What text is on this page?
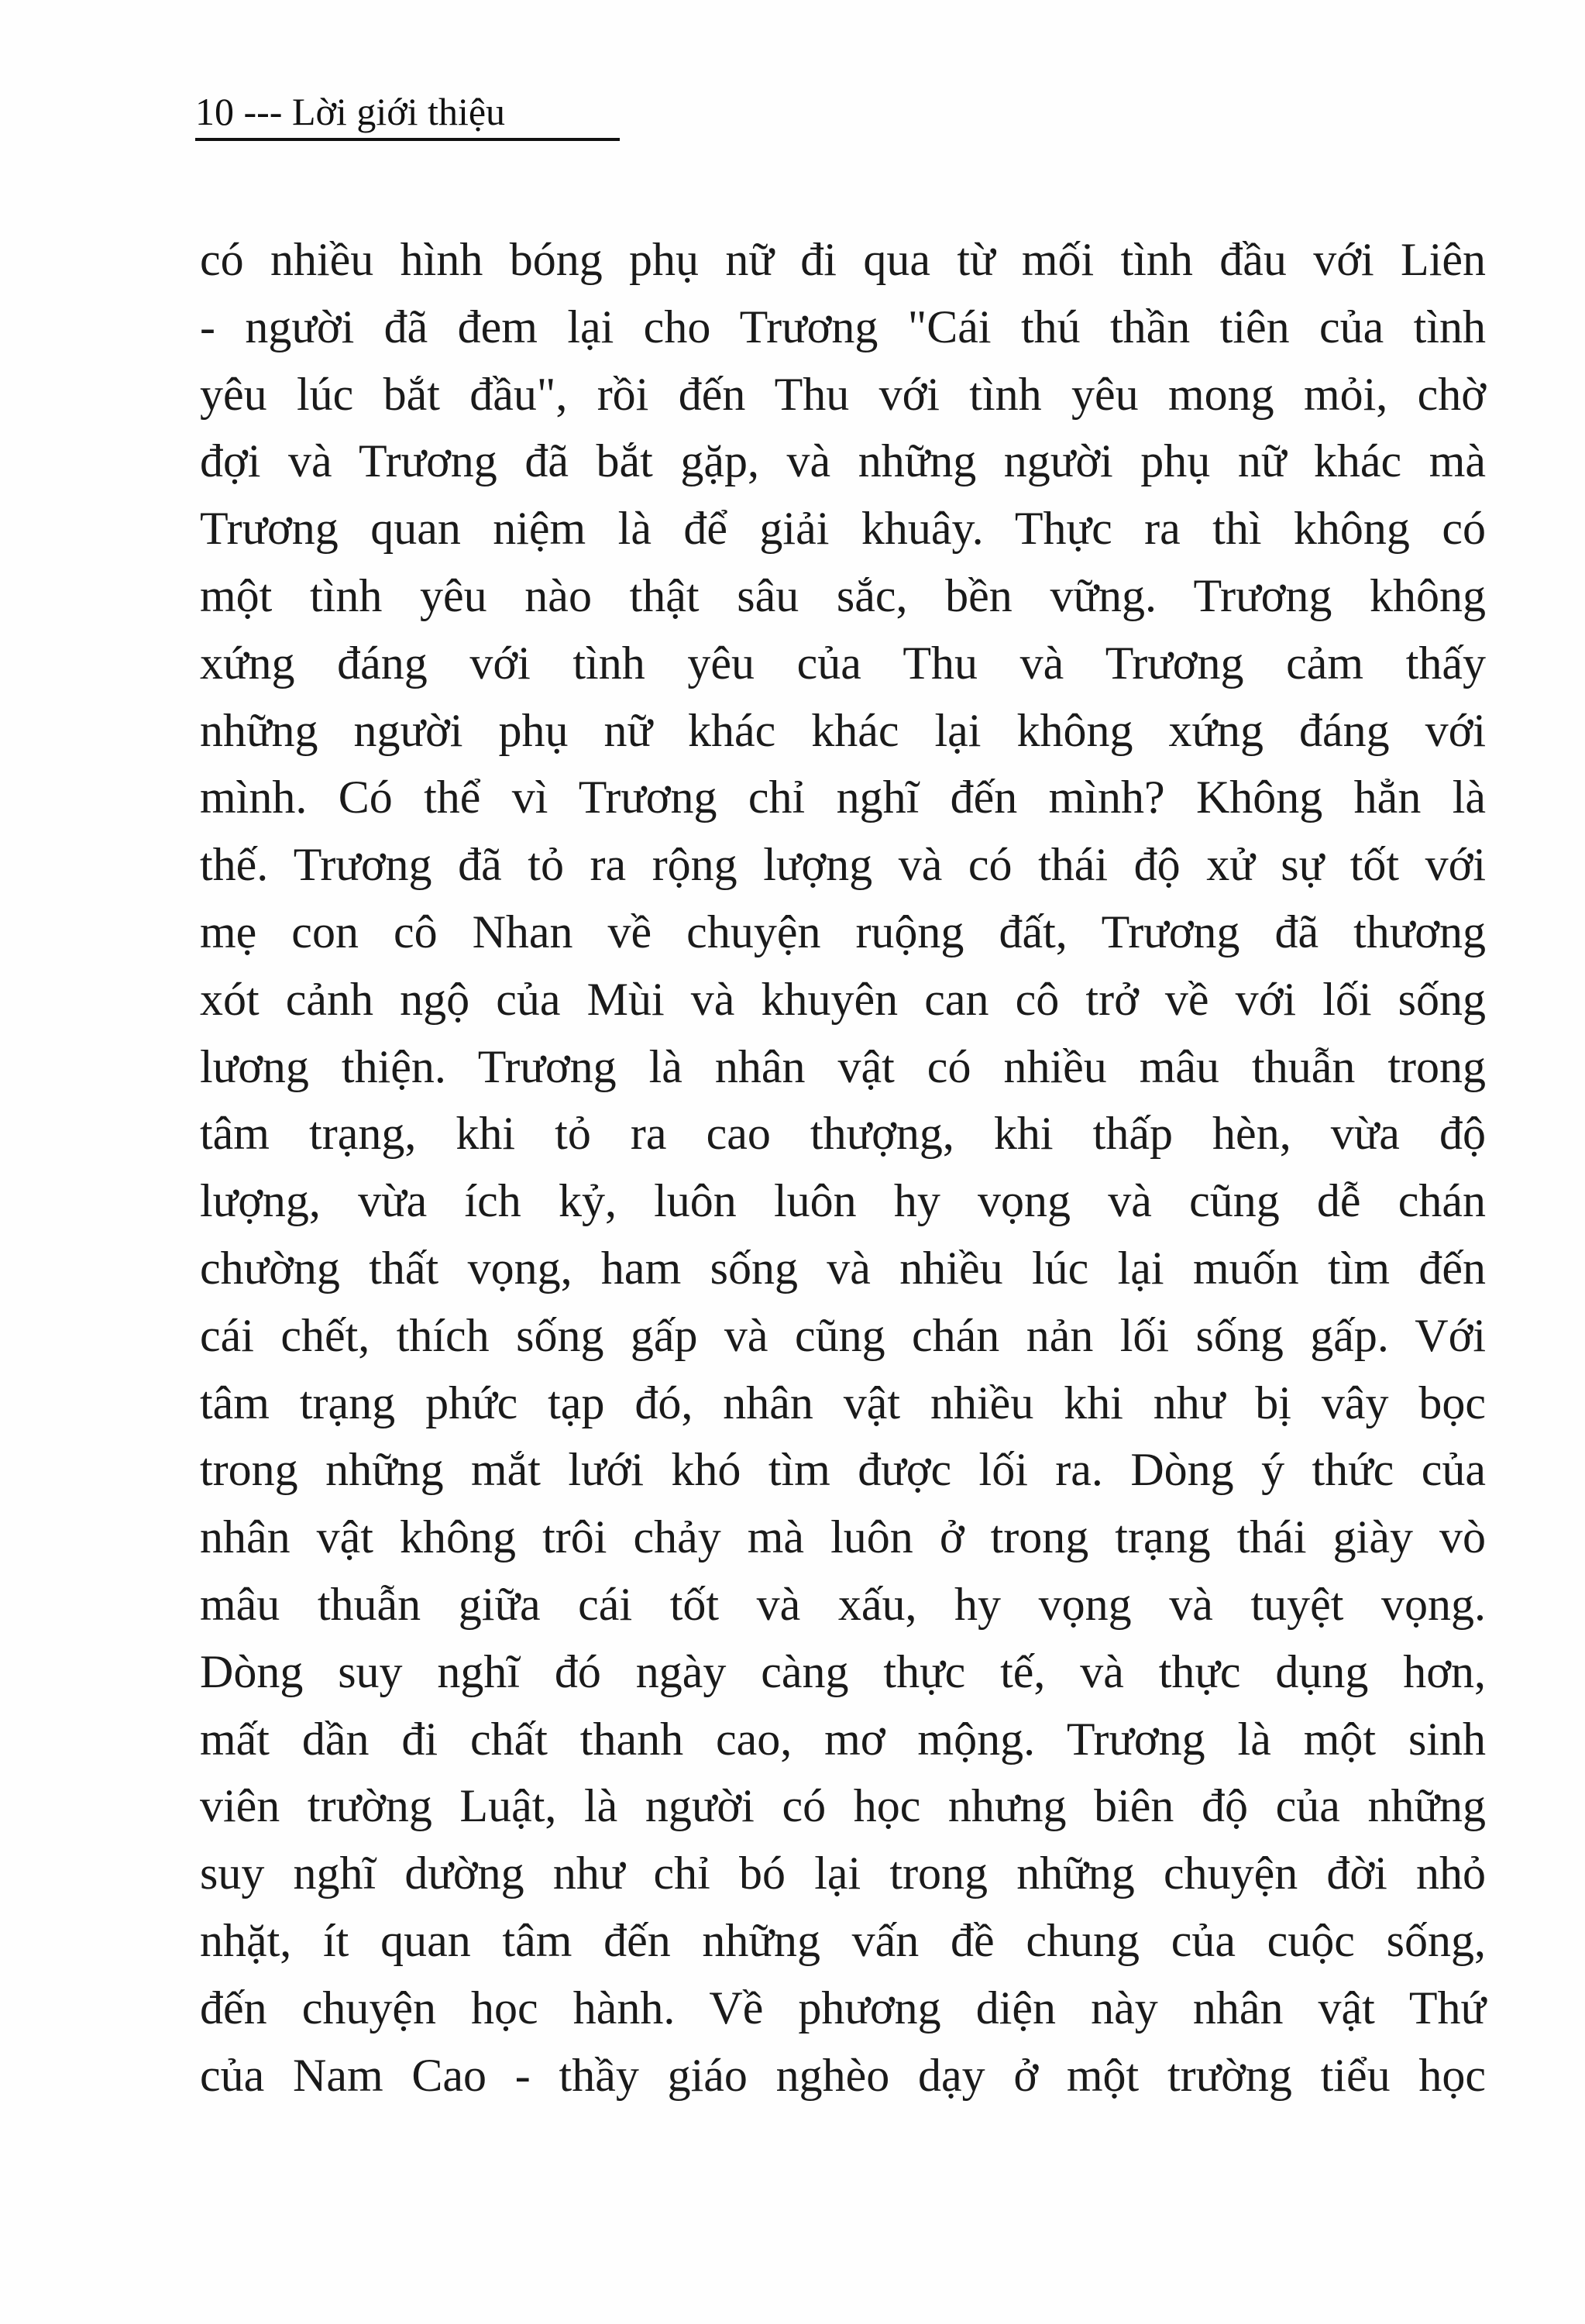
10 --- Lời giới thiệu
có nhiều hình bóng phụ nữ đi qua từ mối tình đầu với Liên
- người đã đem lại cho Trương "Cái thú thần tiên của tình
yêu lúc bắt đầu", rồi đến Thu với tình yêu mong mỏi, chờ
đợi và Trương đã bắt gặp, và những người phụ nữ khác mà
Trương quan niệm là để giải khuây. Thực ra thì không có
một tình yêu nào thật sâu sắc, bền vững. Trương không
xứng đáng với tình yêu của Thu và Trương cảm thấy
những người phụ nữ khác khác lại không xứng đáng với
mình. Có thể vì Trương chỉ nghĩ đến mình? Không hẳn là
thế. Trương đã tỏ ra rộng lượng và có thái độ xử sự tốt với
mẹ con cô Nhan về chuyện ruộng đất, Trương đã thương
xót cảnh ngộ của Mùi và khuyên can cô trở về với lối sống
lương thiện. Trương là nhân vật có nhiều mâu thuẫn trong
tâm trạng, khi tỏ ra cao thượng, khi thấp hèn, vừa độ
lượng, vừa ích kỷ, luôn luôn hy vọng và cũng dễ chán
chường thất vọng, ham sống và nhiều lúc lại muốn tìm đến
cái chết, thích sống gấp và cũng chán nản lối sống gấp. Với
tâm trạng phức tạp đó, nhân vật nhiều khi như bị vây bọc
trong những mắt lưới khó tìm được lối ra. Dòng ý thức của
nhân vật không trôi chảy mà luôn ở trong trạng thái giày vò
mâu thuẫn giữa cái tốt và xấu, hy vọng và tuyệt vọng.
Dòng suy nghĩ đó ngày càng thực tế, và thực dụng hơn,
mất dần đi chất thanh cao, mơ mộng. Trương là một sinh
viên trường Luật, là người có học nhưng biên độ của những
suy nghĩ dường như chỉ bó lại trong những chuyện đời nhỏ
nhặt, ít quan tâm đến những vấn đề chung của cuộc sống,
đến chuyện học hành. Về phương diện này nhân vật Thứ
của Nam Cao - thầy giáo nghèo dạy ở một trường tiểu học
